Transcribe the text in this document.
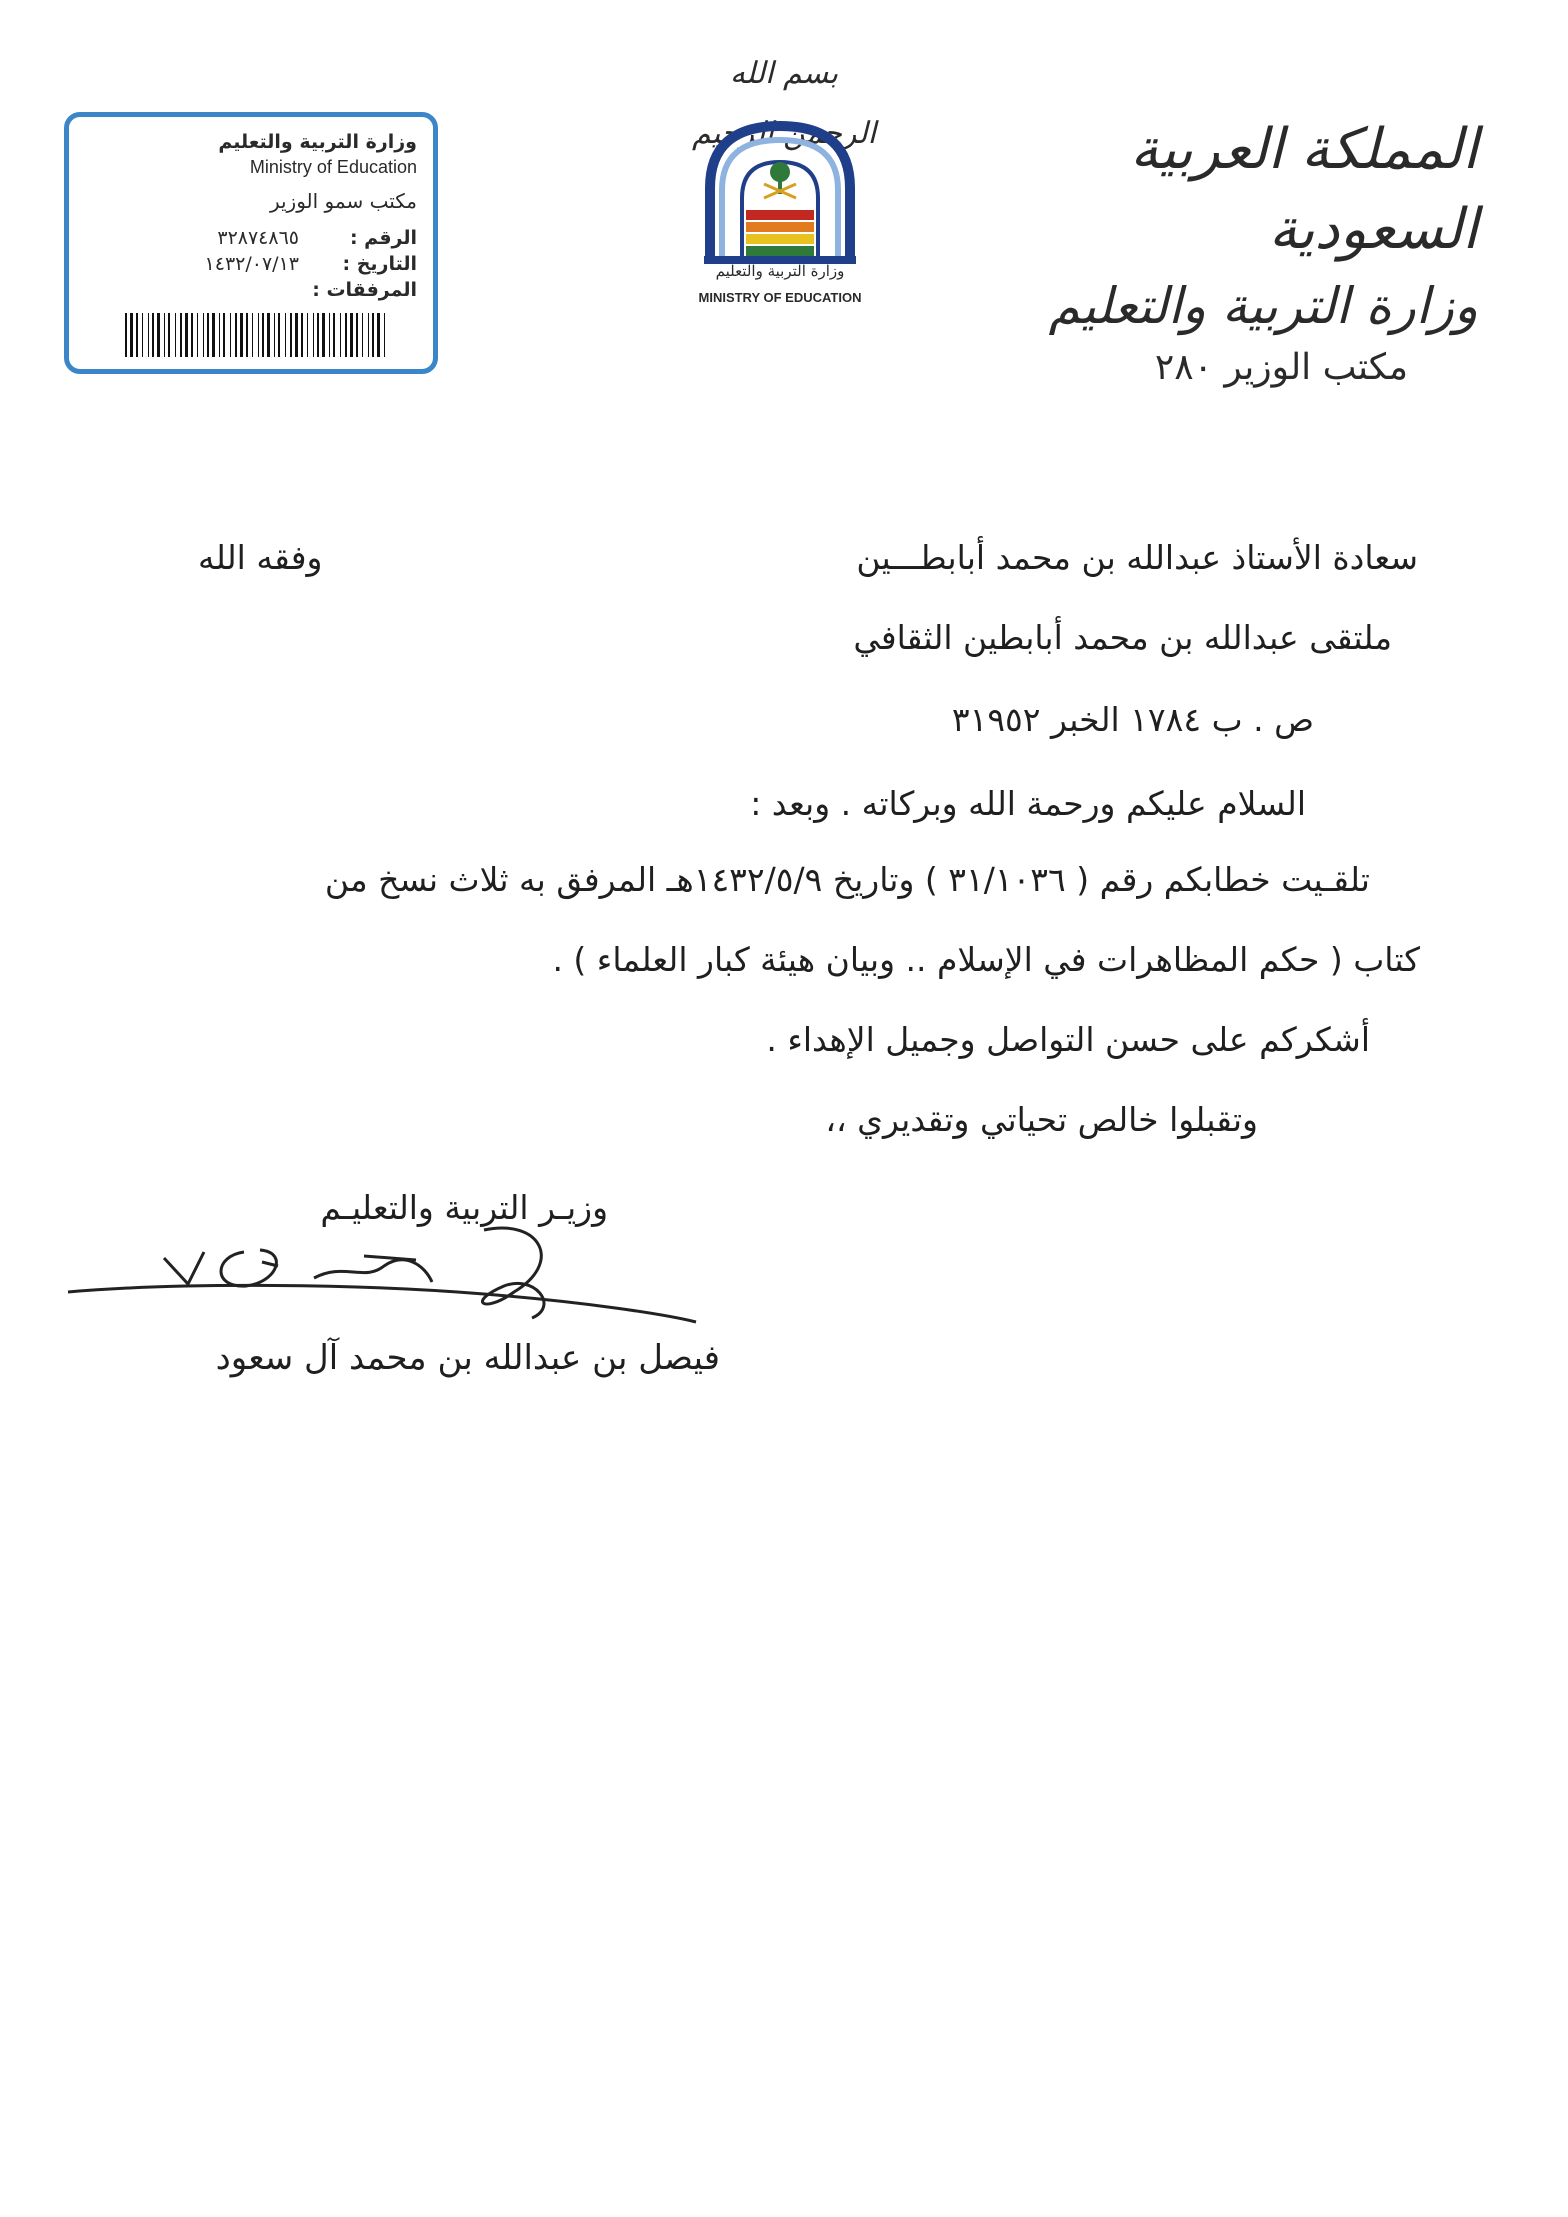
بسم الله الرحمن الرحيم	المملكة العربية السعودية
وزارة التربية والتعليم
مكتب الوزير ٢٨٠
وزارة التربية والتعليم
MINISTRY OF EDUCATION
وزارة التربية والتعليم
Ministry of Education
مكتب سمو الوزير
الرقم :
٣٢٨٧٤٨٦٥
التاريخ :
١٤٣٢/٠٧/١٣
المرفقات :
سعادة الأستاذ عبدالله بن محمد أبابطـــين
وفقه الله
ملتقى عبدالله بن محمد أبابطين الثقافي
ص . ب ١٧٨٤ الخبر ٣١٩٥٢
السلام عليكم ورحمة الله وبركاته . وبعد :
تلقـيت خطابكم رقم ( ٣١/١٠٣٦ ) وتاريخ ١٤٣٢/٥/٩هـ المرفق به ثلاث نسخ من
كتاب ( حكم المظاهرات في الإسلام .. وبيان هيئة كبار العلماء ) .
أشكركم على حسن التواصل وجميل الإهداء .
وتقبلوا خالص تحياتي وتقديري ،،
وزيـر التربية والتعليـم
فيصل بن عبدالله بن محمد آل سعود
